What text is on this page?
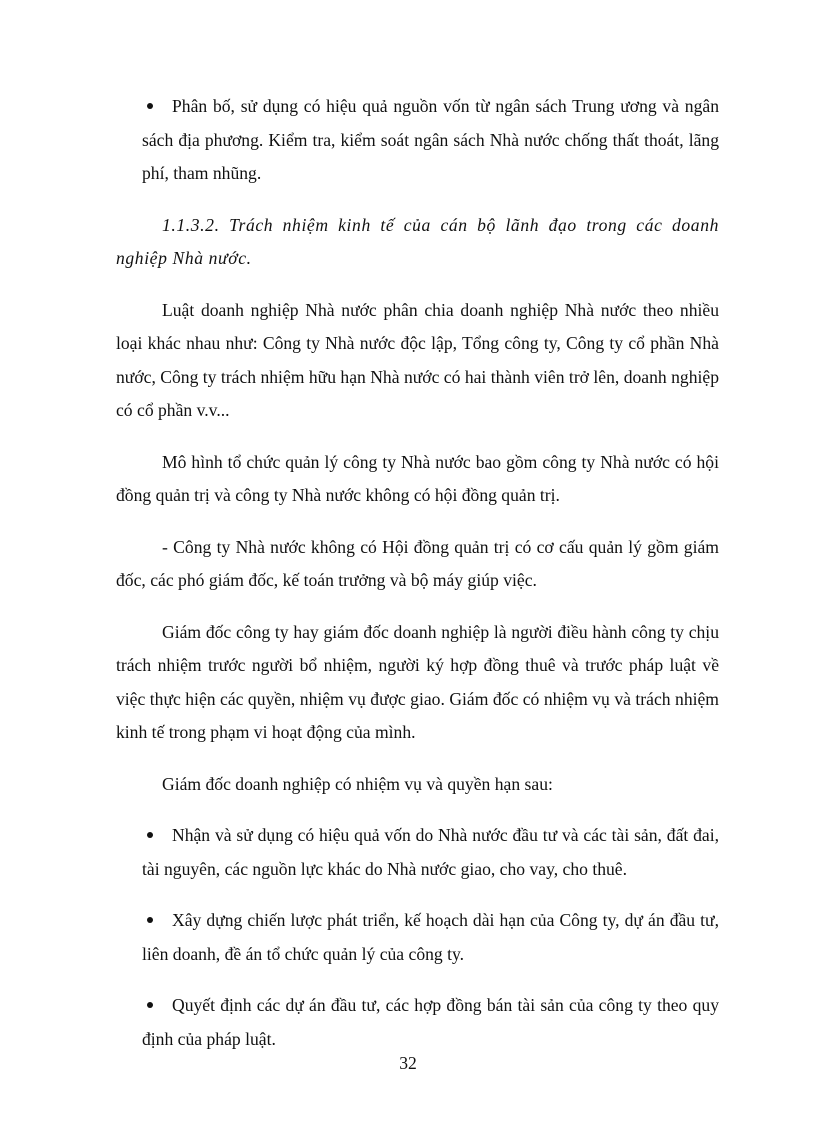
Phân bố, sử dụng có hiệu quả nguồn vốn từ ngân sách Trung ương và ngân sách địa phương. Kiểm tra, kiểm soát ngân sách Nhà nước chống thất thoát, lãng phí, tham nhũng.
1.1.3.2. Trách nhiệm kinh tế của cán bộ lãnh đạo trong các doanh nghiệp Nhà nước.
Luật doanh nghiệp Nhà nước phân chia doanh nghiệp Nhà nước theo nhiều loại khác nhau như: Công ty Nhà nước độc lập, Tổng công ty, Công ty cổ phần Nhà nước, Công ty trách nhiệm hữu hạn Nhà nước có hai thành viên trở lên, doanh nghiệp có cổ phần v.v...
Mô hình tổ chức quản lý công ty Nhà nước bao gồm công ty Nhà nước có hội đồng quản trị và công ty Nhà nước không có hội đồng quản trị.
- Công ty Nhà nước không có Hội đồng quản trị có cơ cấu quản lý gồm giám đốc, các phó giám đốc, kế toán trưởng và bộ máy giúp việc.
Giám đốc công ty hay giám đốc doanh nghiệp là người điều hành công ty chịu trách nhiệm trước người bổ nhiệm, người ký hợp đồng thuê và trước pháp luật về việc thực hiện các quyền, nhiệm vụ được giao. Giám đốc có nhiệm vụ và trách nhiệm kinh tế trong phạm vi hoạt động của mình.
Giám đốc doanh nghiệp có nhiệm vụ và quyền hạn sau:
Nhận và sử dụng có hiệu quả vốn do Nhà nước đầu tư và các tài sản, đất đai, tài nguyên, các nguồn lực khác do Nhà nước giao, cho vay, cho thuê.
Xây dựng chiến lược phát triển, kế hoạch dài hạn của Công ty, dự án đầu tư, liên doanh, đề án tổ chức quản lý của công ty.
Quyết định các dự án đầu tư, các hợp đồng bán tài sản của công ty theo quy định của pháp luật.
32
